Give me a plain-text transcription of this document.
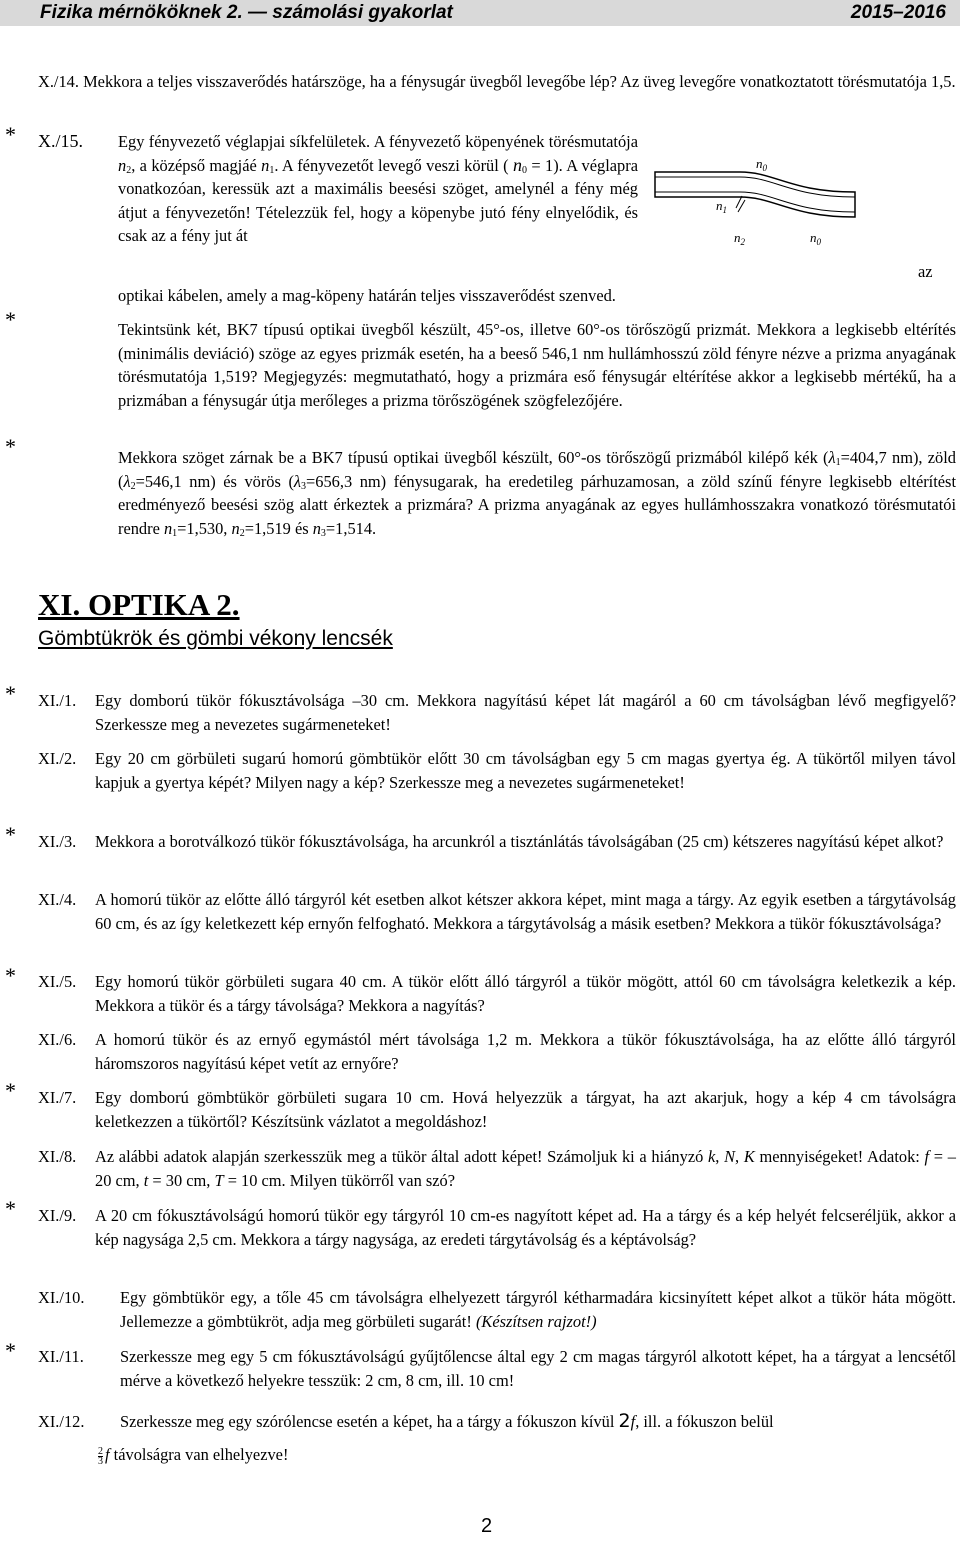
Fizika mérnököknek 2. — számolási gyakorlat	2015–2016
*
*
*
*
*
*
*
*
*

X./14. Mekkora a teljes visszaverődés határszöge, ha a fénysugár üvegből levegőbe lép? Az üveg levegőre vonatkoztatott törésmutatója 1,5.

X./15. Egy fényvezető véglapjai síkfelületek. A fényvezető köpenyének törésmutatója $n_2$, a középső magjáé $n_1$. A fényvezetőt levegő veszi körül ( $n_0 = 1$). A véglapra vonatkozóan, keressük azt a maximális beesési szöget, amelynél a fény még átjut a fényvezetőn! Tételezzük fel, hogy a köpenybe jutó fény elnyelődik, és csak az a fény jut át

az
optikai kábelen, amely a mag-köpeny határán teljes visszaverődést szenved.
$n_0$
$n_1$
$n_2$	$n_0$

Tekintsünk két, BK7 típusú optikai üvegből készült, 45°-os, illetve 60°-os törőszögű prizmát. Mekkora a legkisebb eltérítés (minimális deviáció) szöge az egyes prizmák esetén, ha a beeső 546,1 nm hullámhosszú zöld fényre nézve a prizma anyagának törésmutatója 1,519? Megjegyzés: megmutatható, hogy a prizmára eső fénysugár eltérítése akkor a legkisebb mértékű, ha a prizmában a fénysugár útja merőleges a prizma törőszögének szögfelezőjére.

Mekkora szöget zárnak be a BK7 típusú optikai üvegből készült, 60°-os törőszögű prizmából kilépő kék ($\lambda_1=404,7$ nm), zöld ($\lambda_2=546,1$ nm) és vörös ($\lambda_3=656,3$ nm) fénysugarak, ha eredetileg párhuzamosan, a zöld színű fényre legkisebb eltérítést eredményező beesési szög alatt érkeztek a prizmára? A prizma anyagának az egyes hullámhosszakra vonatkozó törésmutatói rendre $n_1=1,530$, $n_2=1,519$ és $n_3=1,514$.

XI. OPTIKA 2.
Gömbtükrök és gömbi vékony lencsék
XI./1. Egy domború tükör fókusztávolsága –30 cm. Mekkora nagyítású képet lát magáról a 60 cm távolságban lévő megfigyelő? Szerkessze meg a nevezetes sugármeneteket!
XI./2. Egy 20 cm görbületi sugarú homorú gömbtükör előtt 30 cm távolságban egy 5 cm magas gyertya ég. A tükörtől milyen távol kapjuk a gyertya képét? Milyen nagy a kép? Szerkessze meg a nevezetes sugármeneteket!
XI./3. Mekkora a borotválkozó tükör fókusztávolsága, ha arcunkról a tisztánlátás távolságában (25 cm) kétszeres nagyítású képet alkot?
XI./4. A homorú tükör az előtte álló tárgyról két esetben alkot kétszer akkora képet, mint maga a tárgy. Az egyik esetben a tárgytávolság 60 cm, és az így keletkezett kép ernyőn felfogható. Mekkora a tárgytávolság a másik esetben? Mekkora a tükör fókusztávolsága?
XI./5. Egy homorú tükör görbületi sugara 40 cm. A tükör előtt álló tárgyról a tükör mögött, attól 60 cm távolságra keletkezik a kép. Mekkora a tükör és a tárgy távolsága? Mekkora a nagyítás?
XI./6. A homorú tükör és az ernyő egymástól mért távolsága 1,2 m. Mekkora a tükör fókusztávolsága, ha az előtte álló tárgyról háromszoros nagyítású képet vetít az ernyőre?
XI./7. Egy domború gömbtükör görbületi sugara 10 cm. Hová helyezzük a tárgyat, ha azt akarjuk, hogy a kép 4 cm távolságra keletkezzen a tükörtől? Készítsünk vázlatot a megoldáshoz!
XI./8. Az alábbi adatok alapján szerkesszük meg a tükör által adott képet! Számoljuk ki a hiányzó k, N, K mennyiségeket! Adatok: f = –20 cm, t = 30 cm, T = 10 cm. Milyen tükörről van szó?
XI./9. A 20 cm fókusztávolságú homorú tükör egy tárgyról 10 cm-es nagyított képet ad. Ha a tárgy és a kép helyét felcseréljük, akkor a kép nagysága 2,5 cm. Mekkora a tárgy nagysága, az eredeti tárgytávolság és a képtávolság?
XI./10. Egy gömbtükör egy, a tőle 45 cm távolságra elhelyezett tárgyról kétharmadára kicsinyített képet alkot a tükör háta mögött. Jellemezze a gömbtükröt, adja meg görbületi sugarát! (Készítsen rajzot!)
XI./11. Szerkessze meg egy 5 cm fókusztávolságú gyűjtőlencse által egy 2 cm magas tárgyról alkotott képet, ha a tárgyat a lencsétől mérve a következő helyekre tesszük: 2 cm, 8 cm, ill. 10 cm!
XI./12. Szerkessze meg egy szórólencse esetén a képet, ha a tárgy a fókuszon kívül 2f, ill. a fókuszon belül
$\frac{2}{3}$ f távolságra van elhelyezve!
2
